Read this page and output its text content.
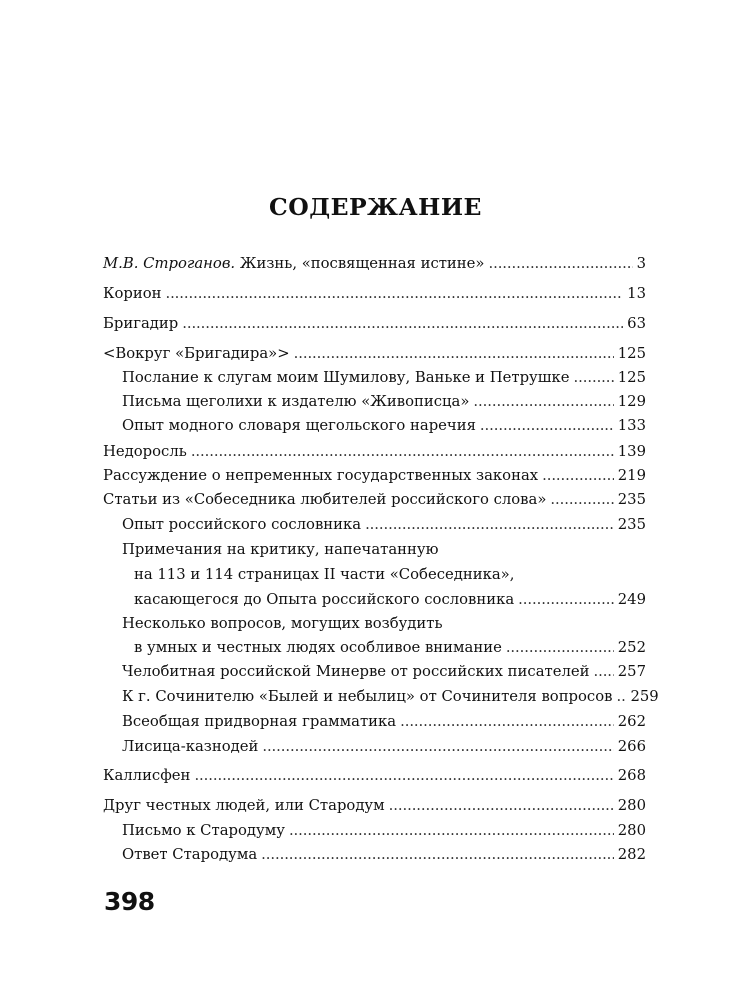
СОДЕРЖАНИЕ
М.В. Строганов. Жизнь, «посвященная истине» . . .	3
Корион . . .	13
Бригадир . . .	63
<Вокруг «Бригадира»> . . .	125
Послание к слугам моим Шумилову, Ваньке и Петрушке . . .	125
Письма щеголихи к издателю «Живописца» . . .	129
Опыт модного словаря щегольского наречия . . .	133
Недоросль . . .	139
Рассуждение о непременных государственных законах . . .	219
Статьи из «Собеседника любителей российского слова» . . .	235
Опыт российского сословника . . .	235
Примечания на критику, напечатанную
на 113 и 114 страницах II части «Собеседника»,
касающегося до Опыта российского сословника . . .	249
Несколько вопросов, могущих возбудить
в умных и честных людях особливое внимание . . .	252
Челобитная российской Минерве от российских писателей . . . 257
К г. Сочинителю «Былей и небылиц» от Сочинителя вопросов . . . 259
Всеобщая придворная грамматика . . .	262
Лисица-казнодей . . .	266
Каллисфен . . .	268
Друг честных людей, или Стародум . . .	280
Письмо к Стародуму . . .	280
Ответ Стародума . . .	282
398
